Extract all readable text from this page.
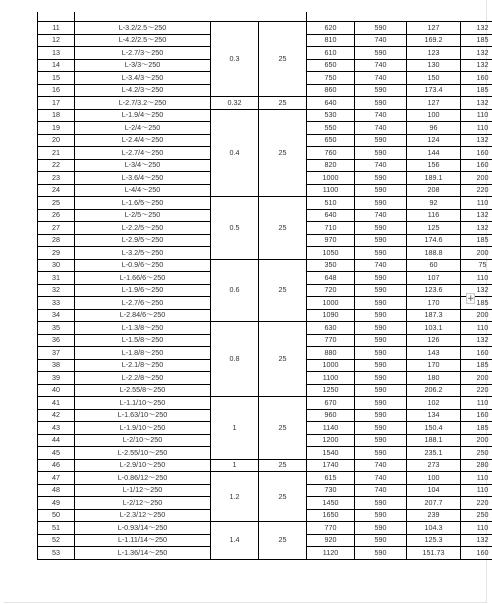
11	L-3.2/2.5～250	0.3	25	620	590	127	132
12	L-4.2/2.5～250			810	740	169.2	185
13	L-2.7/3～250			610	590	123	132
14	L-3/3～250			650	740	130	132
15	L-3.4/3～250			750	740	150	160
16	L-4.2/3～250			860	590	173.4	185
17	L-2.7/3.2～250	0.32	25	640	590	127	132
18	L-1.9/4～250	0.4	25	530	740	100	110
19	L-2/4～250			550	740	96	110
20	L-2.4/4～250			650	590	124	132
21	L-2.7/4～250			760	590	144	160
22	L-3/4～250			820	740	156	160
23	L-3.6/4～250			1000	590	189.1	200
24	L-4/4～250			1100	590	208	220
25	L-1.6/5～250	0.5	25	510	590	92	110
26	L-2/5～250			640	740	116	132
27	L-2.2/5～250			710	590	125	132
28	L-2.9/5～250			970	590	174.6	185
29	L-3.2/5～250			1050	590	188.8	200
30	L-0.9/6～250	0.6	25	350	740	60	75
31	L-1.66/6～250			648	590	107	110
32	L-1.9/6～250			720	590	123.6	132
33	L-2.7/6～250			1000	590	170	185
34	L-2.84/6～250			1090	590	187.3	200
35	L-1.3/8～250	0.8	25	630	590	103.1	110
36	L-1.5/8～250			770	590	126	132
37	L-1.8/8～250			880	590	143	160
38	L-2.1/8～250			1000	590	170	185
39	L-2.2/8～250			1100	590	180	200
40	L-2.55/8～250			1250	590	206.2	220
41	L-1.1/10～250	1	25	670	590	102	110
42	L-1.63/10～250			960	590	134	160
43	L-1.9/10～250			1140	590	150.4	185
44	L-2/10～250			1200	590	188.1	200
45	L-2.55/10～250			1540	590	235.1	250
46	L-2.9/10～250	1	25	1740	740	273	280
47	L-0.86/12～250	1.2	25	615	740	100	110
48	L-1/12～250			730	740	104	110
49	L-2/12～250			1450	590	207.7	220
50	L-2.3/12～250			1650	590	239	250
51	L-0.93/14～250	1.4	25	770	590	104.3	110
52	L-1.11/14～250			920	590	125.3	132
53	L-1.36/14～250			1120	590	151.73	160
+
